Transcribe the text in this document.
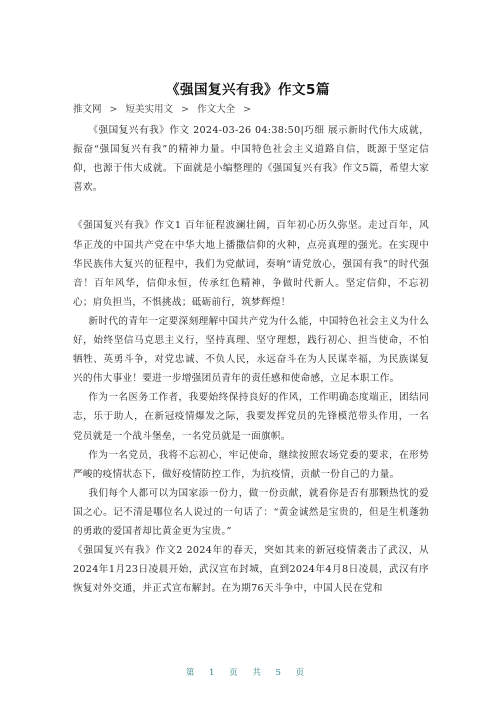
《强国复兴有我》作文5篇
推文网 > 短美实用文 > 作文大全 >

《强国复兴有我》作文 2024-03-26 04:38:50|巧细 展示新时代伟大成就，振奋“强国复兴有我”的精神力量。中国特色社会主义道路自信，既源于坚定信仰，也源于伟大成就。下面就是小编整理的《强国复兴有我》作文5篇，希望大家喜欢。

《强国复兴有我》作文1 百年征程波澜壮阔，百年初心历久弥坚。走过百年，风华正茂的中国共产党在中华大地上播撒信仰的火种，点亮真理的强光。在实现中华民族伟大复兴的征程中，我们为党献词，奏响“请党放心，强国有我”的时代强音！百年风华，信仰永恒，传承红色精神，争做时代新人。坚定信仰，不忘初心；肩负担当，不惧挑战；砥砺前行，筑梦辉煌！

新时代的青年一定要深刻理解中国共产党为什么能，中国特色社会主义为什么好，始终坚信马克思主义行，坚持真理、坚守理想，践行初心、担当使命，不怕牺牲、英勇斗争，对党忠诚、不负人民，永远奋斗在为人民谋幸福，为民族谋复兴的伟大事业！要进一步增强团员青年的责任感和使命感，立足本职工作。

作为一名医务工作者，我要始终保持良好的作风，工作明确态度端正，团结同志，乐于助人，在新冠疫情爆发之际，我要发挥党员的先锋模范带头作用，一名党员就是一个战斗堡垒，一名党员就是一面旗帜。

作为一名党员，我将不忘初心，牢记使命，继续按照农场党委的要求，在形势严峻的疫情状态下，做好疫情防控工作，为抗疫情，贡献一份自己的力量。

我们每个人都可以为国家添一份力，做一份贡献，就看你是否有那颗热忱的爱国之心。记不清是哪位名人说过的一句话了：“黄金诚然是宝贵的，但是生机蓬勃的勇敢的爱国者却比黄金更为宝贵。”

《强国复兴有我》作文2 2024年的春天，突如其来的新冠疫情袭击了武汉，从2024年1月23日凌晨开始，武汉宣布封城，直到2024年4月8日凌晨，武汉有序恢复对外交通，并正式宣布解封。在为期76天斗争中，中国人民在党和

第 1 页 共 5 页
